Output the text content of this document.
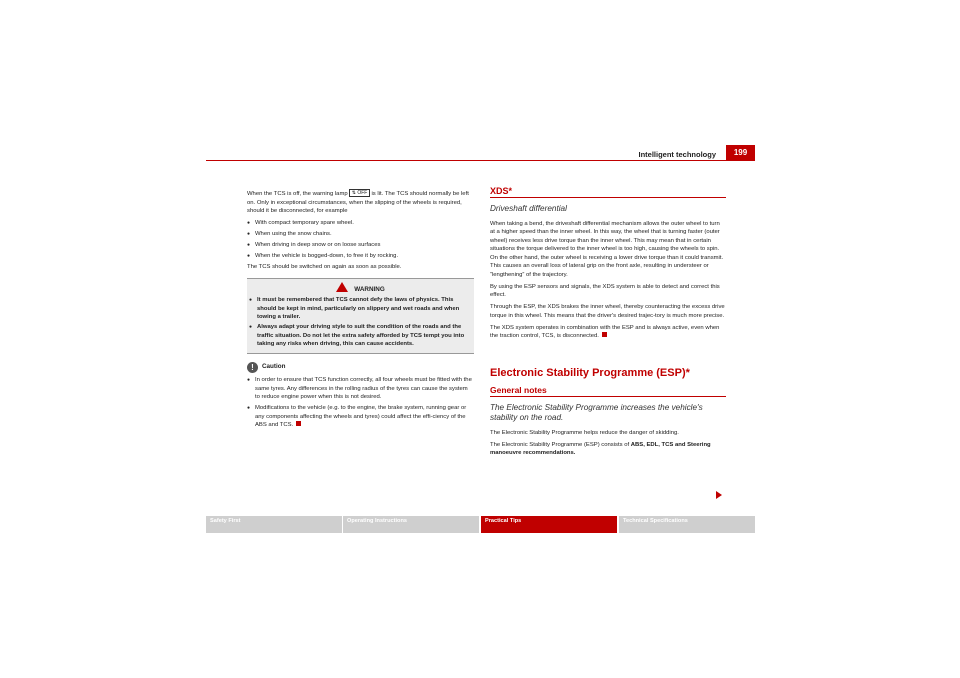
Intelligent technology	199

When the TCS is off, the warning lamp ⇅ OFF is lit. The TCS should normally be left on. Only in exceptional circumstances, when the slipping of the wheels is required, should it be disconnected, for example

● With compact temporary spare wheel.

● When using the snow chains.

● When driving in deep snow or on loose surfaces

● When the vehicle is bogged-down, to free it by rocking.

The TCS should be switched on again as soon as possible.

WARNING

● It must be remembered that TCS cannot defy the laws of physics. This should be kept in mind, particularly on slippery and wet roads and when towing a trailer.

● Always adapt your driving style to suit the condition of the roads and the traffic situation. Do not let the extra safety afforded by TCS tempt you into taking any risks when driving, this can cause accidents.

! Caution

● In order to ensure that TCS function correctly, all four wheels must be fitted with the same tyres. Any differences in the rolling radius of the tyres can cause the system to reduce engine power when this is not desired.

● Modifications to the vehicle (e.g. to the engine, the brake system, running gear or any components affecting the wheels and tyres) could affect the effi-ciency of the ABS and TCS.

XDS*
Driveshaft differential

When taking a bend, the driveshaft differential mechanism allows the outer wheel to turn at a higher speed than the inner wheel. In this way, the wheel that is turning faster (outer wheel) receives less drive torque than the inner wheel. This may mean that in certain situations the torque delivered to the inner wheel is too high, causing the wheels to spin. On the other hand, the outer wheel is receiving a lower drive torque than it could transmit. This causes an overall loss of lateral grip on the front axle, resulting in understeer or “lengthening” of the trajectory.

By using the ESP sensors and signals, the XDS system is able to detect and correct this effect.

Through the ESP, the XDS brakes the inner wheel, thereby counteracting the excess drive torque in this wheel. This means that the driver's desired trajec-tory is much more precise.

The XDS system operates in combination with the ESP and is always active, even when the traction control, TCS, is disconnected.

Electronic Stability Programme (ESP)*
General notes
The Electronic Stability Programme increases the vehicle's stability on the road.

The Electronic Stability Programme helps reduce the danger of skidding.

The Electronic Stability Programme (ESP) consists of ABS, EDL, TCS and Steering manoeuvre recommendations.

Safety First	Operating Instructions	Practical Tips	Technical Specifications
